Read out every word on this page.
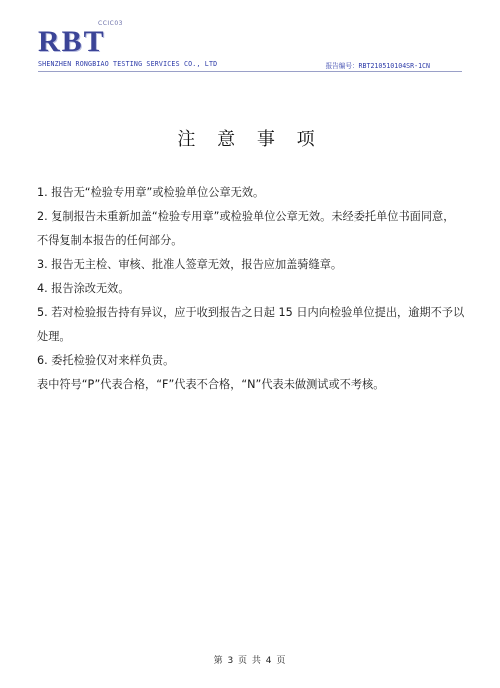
CCIC03
RBT
SHENZHEN RONGBIAO TESTING SERVICES CO., LTD	报告编号：RBT210510104SR-1CN
注 意 事 项

1. 报告无“检验专用章”或检验单位公章无效。

2. 复制报告未重新加盖“检验专用章”或检验单位公章无效。未经委托单位书面同意，不得复制本报告的任何部分。

3. 报告无主检、审核、批准人签章无效，报告应加盖骑缝章。

4. 报告涂改无效。

5. 若对检验报告持有异议，应于收到报告之日起 15 日内向检验单位提出，逾期不予以处理。

6. 委托检验仅对来样负责。

表中符号“P”代表合格，“F”代表不合格，“N”代表未做测试或不考核。

第 3 页 共 4 页
